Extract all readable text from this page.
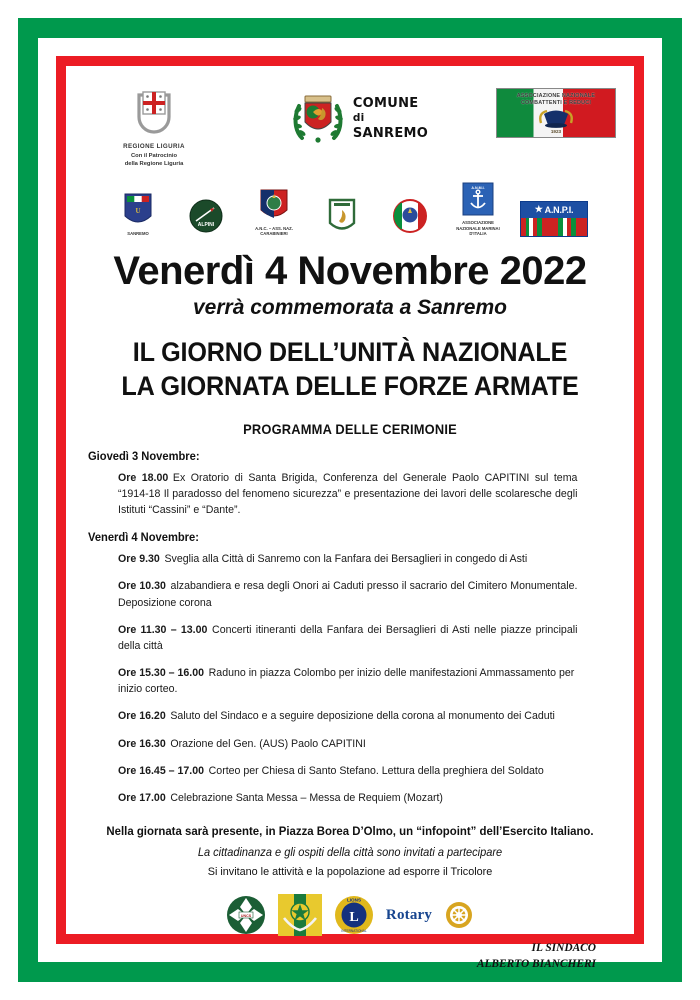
REGIONE LIGURIA
Con il Patrocinio
della Regione Liguria
COMUNE
di
SANREMO
ASSOCIAZIONE NAZIONALE
COMBATTENTI E REDUCI
1923
U
SANREMO
ALPINI
A.N.C. – ASS. NAZ. CARABINIERI
G.d.F.
A.N.M.I.
ASSOCIAZIONE NAZIONALE MARINAI D'ITALIA
★ A.N.P.I.
Venerdì 4 Novembre 2022
verrà commemorata a Sanremo
IL GIORNO DELL’UNITÀ NAZIONALE
LA GIORNATA DELLE FORZE ARMATE
PROGRAMMA DELLE CERIMONIE
Giovedì 3 Novembre:
Ore 18.00 Ex Oratorio di Santa Brigida, Conferenza del Generale Paolo CAPITINI sul tema “1914-18 Il paradosso del fenomeno sicurezza” e presentazione dei lavori delle scolaresche degli Istituti “Cassini” e “Dante”.
Venerdì 4 Novembre:
Ore 9.30 Sveglia alla Città di Sanremo con la Fanfara dei Bersaglieri in congedo di Asti
Ore 10.30 alzabandiera e resa degli Onori ai Caduti presso il sacrario del Cimitero Monumentale. Deposizione corona
Ore 11.30 – 13.00 Concerti itineranti della Fanfara dei Bersaglieri di Asti nelle piazze principali della città
Ore 15.30 – 16.00 Raduno in piazza Colombo per inizio delle manifestazioni Ammassamento per inizio corteo.
Ore 16.20 Saluto del Sindaco e a seguire deposizione della corona al monumento dei Caduti
Ore 16.30 Orazione del Gen. (AUS) Paolo CAPITINI
Ore 16.45 – 17.00 Corteo per Chiesa di Santo Stefano. Lettura della preghiera del Soldato
Ore 17.00 Celebrazione Santa Messa – Messa de Requiem (Mozart)
Nella giornata sarà presente, in Piazza Borea D’Olmo, un “infopoint” dell’Esercito Italiano.
La cittadinanza e gli ospiti della città sono invitati a partecipare
Si invitano le attività e la popolazione ad esporre il Tricolore
UNCS	L
LIONS
INTERNATIONAL
Rotary
IL SINDACO
ALBERTO BIANCHERI
